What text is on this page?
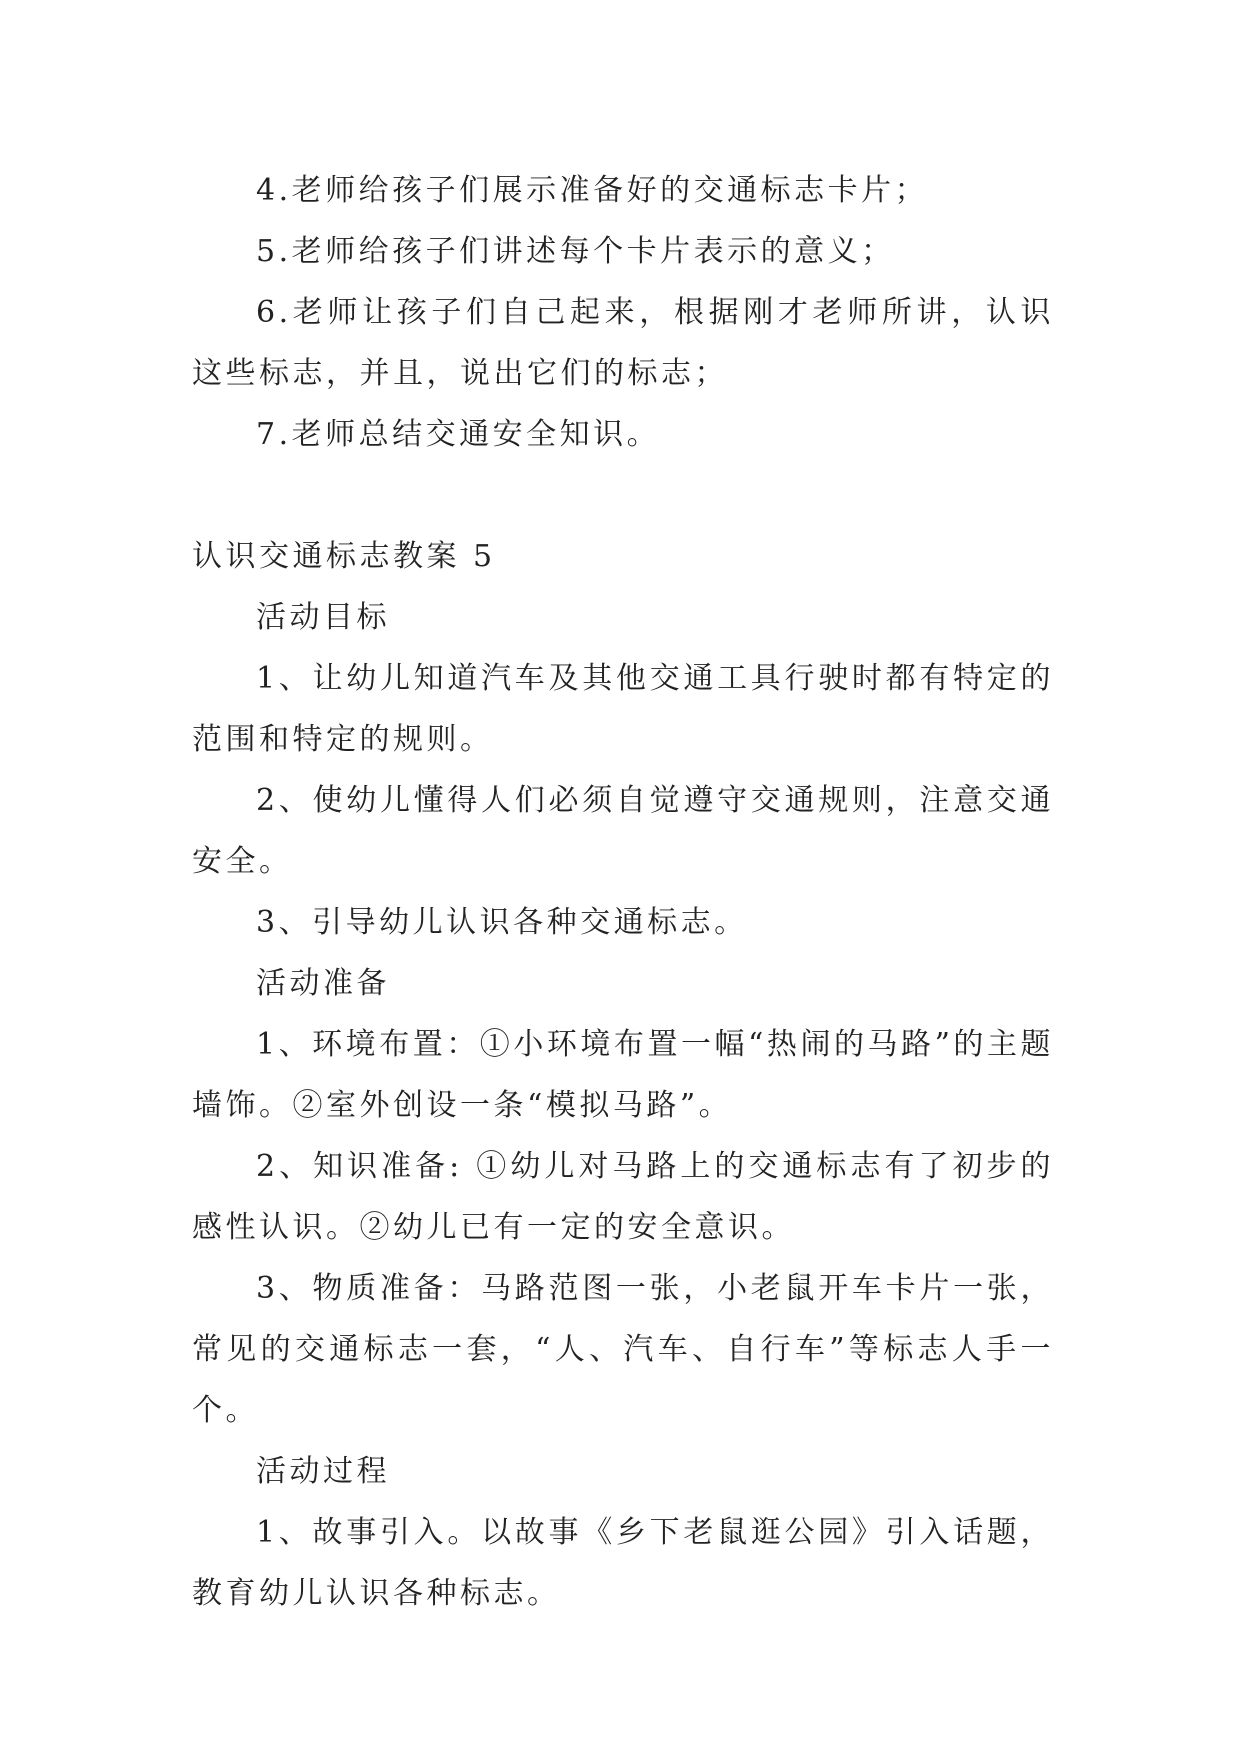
4.老师给孩子们展示准备好的交通标志卡片；

5.老师给孩子们讲述每个卡片表示的意义；

6.老师让孩子们自己起来，根据刚才老师所讲，认识这些标志，并且，说出它们的标志；

7.老师总结交通安全知识。

认识交通标志教案 5

活动目标

1、让幼儿知道汽车及其他交通工具行驶时都有特定的范围和特定的规则。

2、使幼儿懂得人们必须自觉遵守交通规则，注意交通安全。

3、引导幼儿认识各种交通标志。

活动准备

1、环境布置：①小环境布置一幅“热闹的马路”的主题墙饰。②室外创设一条“模拟马路”。

2、知识准备: ①幼儿对马路上的交通标志有了初步的感性认识。②幼儿已有一定的安全意识。

3、物质准备：马路范图一张，小老鼠开车卡片一张，常见的交通标志一套，“人、汽车、自行车”等标志人手一个。

活动过程

1、故事引入。以故事《乡下老鼠逛公园》引入话题，教育幼儿认识各种标志。
